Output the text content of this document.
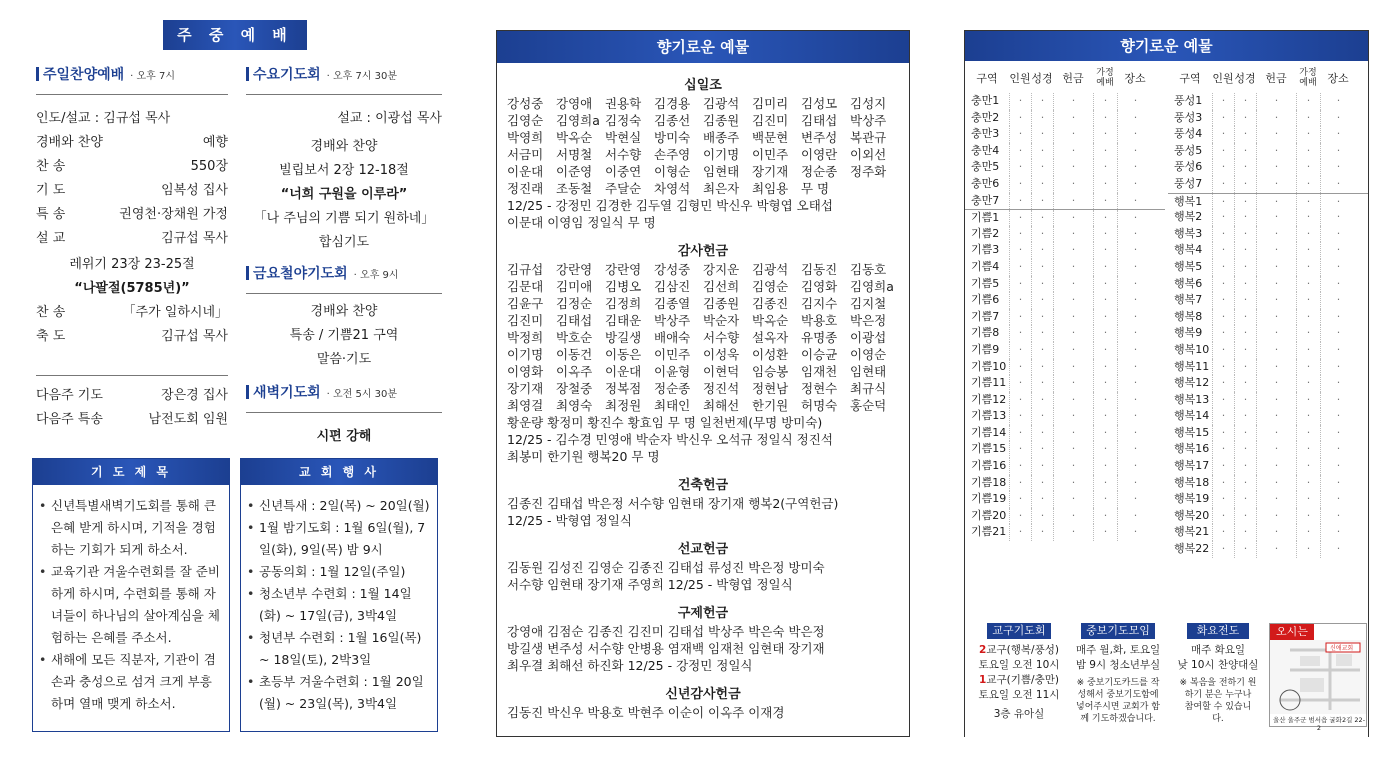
주 중 예 배
주일찬양예배 · 오후 7시
인도/설교 : 김규섭 목사
경배와 찬양	예향
찬 송	550장
기 도	임복성 집사
특 송	권영천·장채원 가정
설 교	김규섭 목사
레위기 23장 23-25절
“나팔절(5785년)”
찬 송	「주가 일하시네」
축 도	김규섭 목사
다음주 기도	장은경 집사
다음주 특송	남전도회 임원
수요기도회 · 오후 7시 30분
설교 : 이광섭 목사
경배와 찬양
빌립보서 2장 12-18절
“너희 구원을 이루라”
「나 주님의 기쁨 되기 원하네」
합심기도
금요철야기도회 · 오후 9시
경배와 찬양
특송 / 기쁨21 구역
말씀·기도
새벽기도회 · 오전 5시 30분
시편 강해
기 도 제 목
• 신년특별새벽기도회를 통해 큰 은혜 받게 하시며, 기적을 경험하는 기회가 되게 하소서.
• 교육기관 겨울수련회를 잘 준비하게 하시며, 수련회를 통해 자녀들이 하나님의 살아계심을 체험하는 은혜를 주소서.
• 새해에 모든 직분자, 기관이 겸손과 충성으로 섬겨 크게 부흥하며 열매 맺게 하소서.
교 회 행 사
• 신년특새 : 2일(목) ~ 20일(월)
• 1월 밤기도회 : 1월 6일(월), 7일(화), 9일(목) 밤 9시
• 공동의회 : 1월 12일(주일)
• 청소년부 수련회 : 1월 14일(화) ~ 17일(금), 3박4일
• 청년부 수련회 : 1월 16일(목) ~ 18일(토), 2박3일
• 초등부 겨울수련회 : 1월 20일(월) ~ 23일(목), 3박4일
향기로운 예물
십일조
강성중	강영애	권용학	김경용	김광석	김미리	김성모	김성지
김영순	김영희a 김정숙	김종선	김종원	김진미	김태섭	박상주
박영희	박옥순	박현실	방미숙	배종주	백문현	변주성	복관규
서금미	서명철	서수향	손주영	이기명	이민주	이영란	이외선
이운대	이준영	이중연	이형순	임현태	장기재	정순종	정주화
정진래	조동철	주달순	차영석	최은자	최임용	무 명
12/25 - 강정민 김경한 김두열 김형민 박신우 박형엽 오태섭
이문대 이영임 정일식 무 명
감사헌금
김규섭	강란영	강란영	강성중	강지운	김광석	김동진	김동호
김문대	김미애	김병오	김삼진	김선희	김영순	김영화	김영희a
김윤구	김정순	김정희	김종열	김종원	김종진	김지수	김지철
김진미	김태섭	김태운	박상주	박순자	박옥순	박용호	박은정
박정희	박호순	방길생	배애숙	서수향	설옥자	유명종	이광섭
이기명	이동건	이동은	이민주	이성욱	이성환	이승균	이영순
이영화	이옥주	이운대	이윤형	이현덕	임승봉	임재천	임현태
장기재	장철중	정복점	정순종	정진석	정현남	정현수	최규식
최영걸	최영숙	최정원	최태인	최해선	한기원	허명숙	홍순덕
황운량 황정미 황진수 황효임 무 명 일천번제(무명 방미숙)
12/25 - 김수경 민영애 박순자 박신우 오석규 정일식 정진석
최봉미 한기원 행복20 무 명
건축헌금
김종진 김태섭 박은정 서수향 임현태 장기재 행복2(구역헌금)
12/25 - 박형엽 정일식
선교헌금
김동원 김성진 김영순 김종진 김태섭 류성진 박은정 방미숙
서수향 임현태 장기재 주영희 12/25 - 박형엽 정일식
구제헌금
강영애 김점순 김종진 김진미 김태섭 박상주 박은숙 박은정
방길생 변주성 서수향 안병용 염재백 임재천 임현태 장기재
최우결 최해선 하진화 12/25 - 강정민 정일식
신년감사헌금
김동진 박신우 박용호 박현주 이순이 이옥주 이재경
향기로운 예물
구역	인원 성경 헌금	가정예배 장소
충만1	·	·	·	·	·
충만2	·	·	·	·	·
충만3	·	·	·	·	·
충만4	·	·	·	·	·
충만5	·	·	·	·	·
충만6	·	·	·	·	·
충만7	·	·	·	·	·
기쁨1	·	·	·	·	·
기쁨2	·	·	·	·	·
기쁨3	·	·	·	·	·
기쁨4	·	·	·	·	·
기쁨5	·	·	·	·	·
기쁨6	·	·	·	·	·
기쁨7	·	·	·	·	·
기쁨8	·	·	·	·	·
기쁨9	·	·	·	·	·
기쁨10	·	·	·	·	·
기쁨11	·	·	·	·	·
기쁨12	·	·	·	·	·
기쁨13	·	·	·	·	·
기쁨14	·	·	·	·	·
기쁨15	·	·	·	·	·
기쁨16	·	·	·	·	·
기쁨18	·	·	·	·	·
기쁨19	·	·	·	·	·
기쁨20	·	·	·	·	·
기쁨21	·	·	·	·	·
구역	인원 성경 헌금	가정예배 장소
풍성1	·	·	·	·	·
풍성3	·	·	·	·	·
풍성4	·	·	·	·	·
풍성5	·	·	·	·	·
풍성6	·	·	·	·	·
풍성7	·	·	·	·	·
행복1	·	·	·	·	·
행복2	·	·	·	·	·
행복3	·	·	·	·	·
행복4	·	·	·	·	·
행복5	·	·	·	·	·
행복6	·	·	·	·	·
행복7	·	·	·	·	·
행복8	·	·	·	·	·
행복9	·	·	·	·	·
행복10	·	·	·	·	·
행복11	·	·	·	·	·
행복12	·	·	·	·	·
행복13	·	·	·	·	·
행복14	·	·	·	·	·
행복15	·	·	·	·	·
행복16	·	·	·	·	·
행복17	·	·	·	·	·
행복18	·	·	·	·	·
행복19	·	·	·	·	·
행복20	·	·	·	·	·
행복21	·	·	·	·	·
행복22	·	·	·	·	·
교구기도회
2교구(행복/풍성)
토요일 오전 10시
1교구(기쁨/충만)
토요일 오전 11시
3층 유아실
중보기도모임
매주 월,화, 토요일
밤 9시 청소년부실
※ 중보기도카드를 작성해서 중보기도함에 넣어주시면 교회가 함께 기도하겠습니다.
화요전도
매주 화요일
낮 10시 찬양대실
※ 복음을 전하기 원하기 분은 누구나 참여할 수 있습니다.
오시는
신애교회
울산 울주군 범서읍 굴화2길 22-2
